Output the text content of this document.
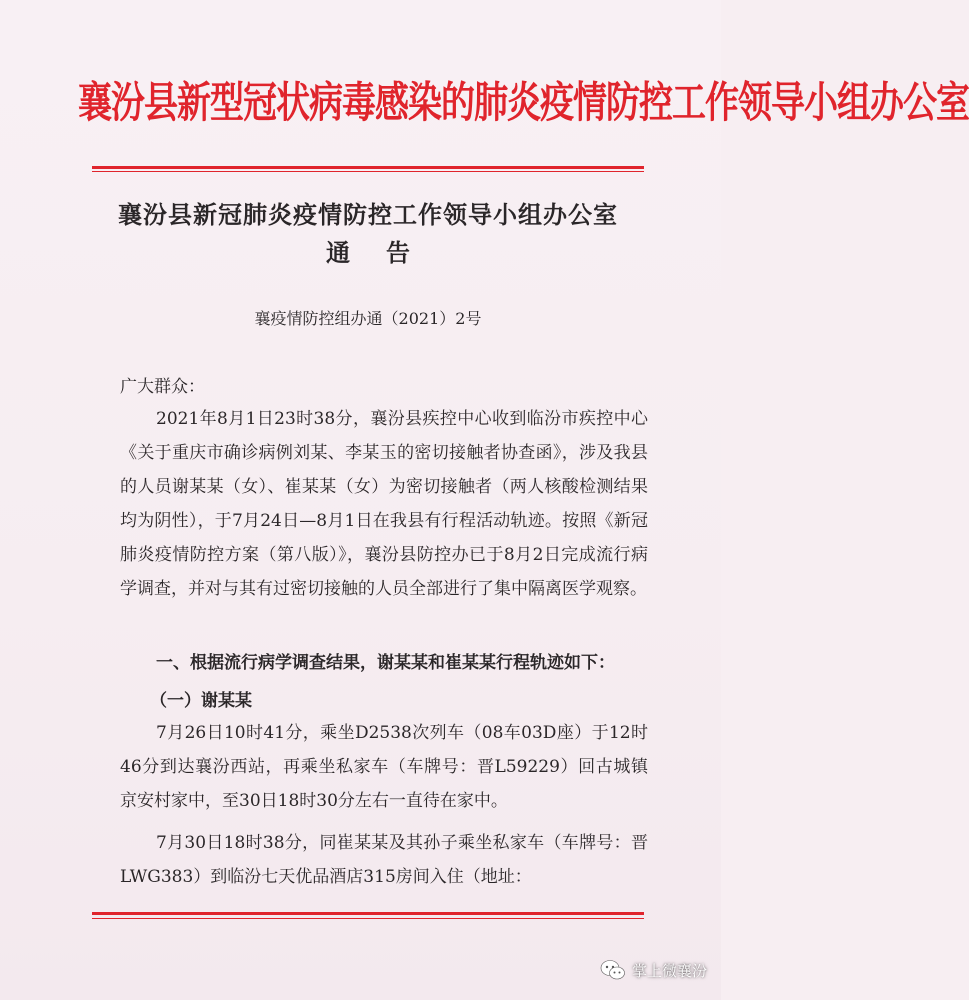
襄汾县新型冠状病毒感染的肺炎疫情防控工作领导小组办公室
襄汾县新冠肺炎疫情防控工作领导小组办公室
通告
襄疫情防控组办通（2021）2号
广大群众：

2021年8月1日23时38分，襄汾县疾控中心收到临汾市疾控中心《关于重庆市确诊病例刘某、李某玉的密切接触者协查函》，涉及我县的人员谢某某（女）、崔某某（女）为密切接触者（两人核酸检测结果均为阴性），于7月24日—8月1日在我县有行程活动轨迹。按照《新冠肺炎疫情防控方案（第八版）》，襄汾县防控办已于8月2日完成流行病学调查，并对与其有过密切接触的人员全部进行了集中隔离医学观察。

一、根据流行病学调查结果，谢某某和崔某某行程轨迹如下：
（一）谢某某

7月26日10时41分，乘坐D2538次列车（08车03D座）于12时46分到达襄汾西站，再乘坐私家车（车牌号：晋L59229）回古城镇京安村家中，至30日18时30分左右一直待在家中。

7月30日18时38分，同崔某某及其孙子乘坐私家车（车牌号：晋LWG383）到临汾七天优品酒店315房间入住（地址：

掌上微襄汾
